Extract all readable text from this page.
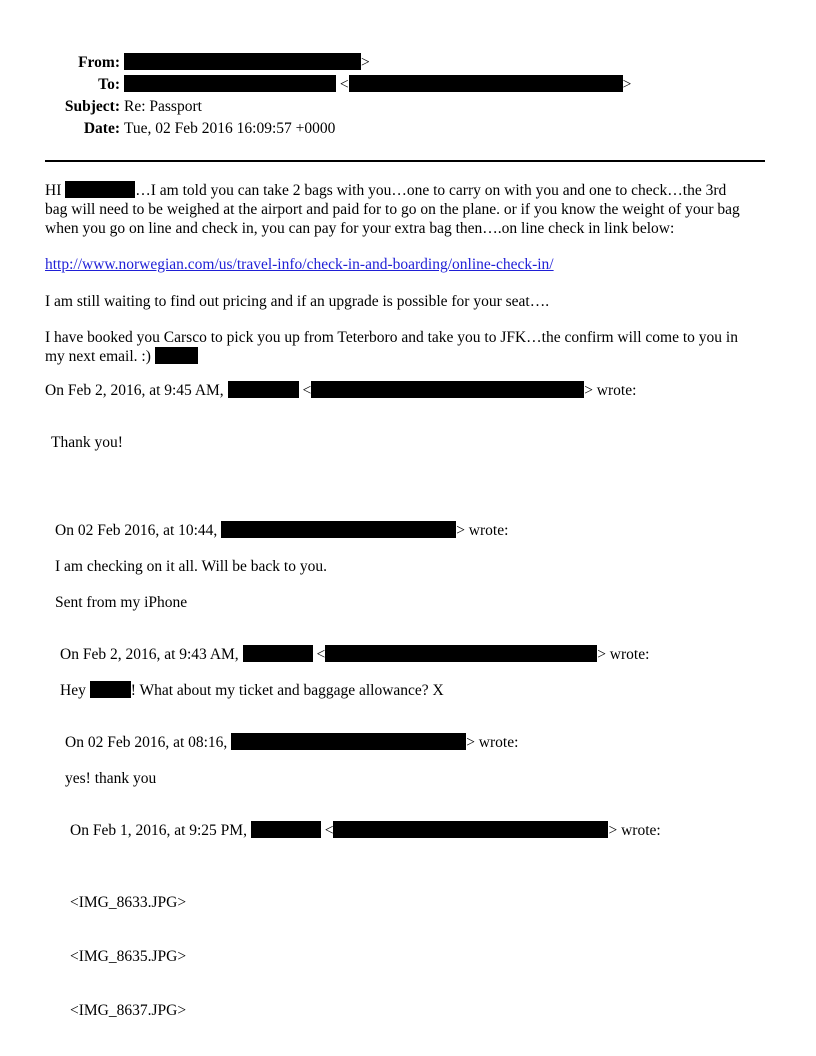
From:	>
To:	<	>
Subject: Re: Passport
Date: Tue, 02 Feb 2016 16:09:57 +0000
HI	…I am told you can take 2 bags with you…one to carry on with you and one to check…the 3rd
bag will need to be weighed at the airport and paid for to go on the plane. or if you know the weight of your bag
when you go on line and check in, you can pay for your extra bag then….on line check in link below:
http://www.norwegian.com/us/travel-info/check-in-and-boarding/online-check-in/
I am still waiting to find out pricing and if an upgrade is possible for your seat….
I have booked you Carsco to pick you up from Teterboro and take you to JFK…the confirm will come to you in
my next email. :)
On Feb 2, 2016, at 9:45 AM,	<	> wrote:
Thank you!
On 02 Feb 2016, at 10:44,	> wrote:
I am checking on it all. Will be back to you.
Sent from my iPhone
On Feb 2, 2016, at 9:43 AM,	<	> wrote:
Hey	! What about my ticket and baggage allowance? X
On 02 Feb 2016, at 08:16,	> wrote:
yes! thank you
On Feb 1, 2016, at 9:25 PM,	<	> wrote:
<IMG_8633.JPG>
<IMG_8635.JPG>
<IMG_8637.JPG>
